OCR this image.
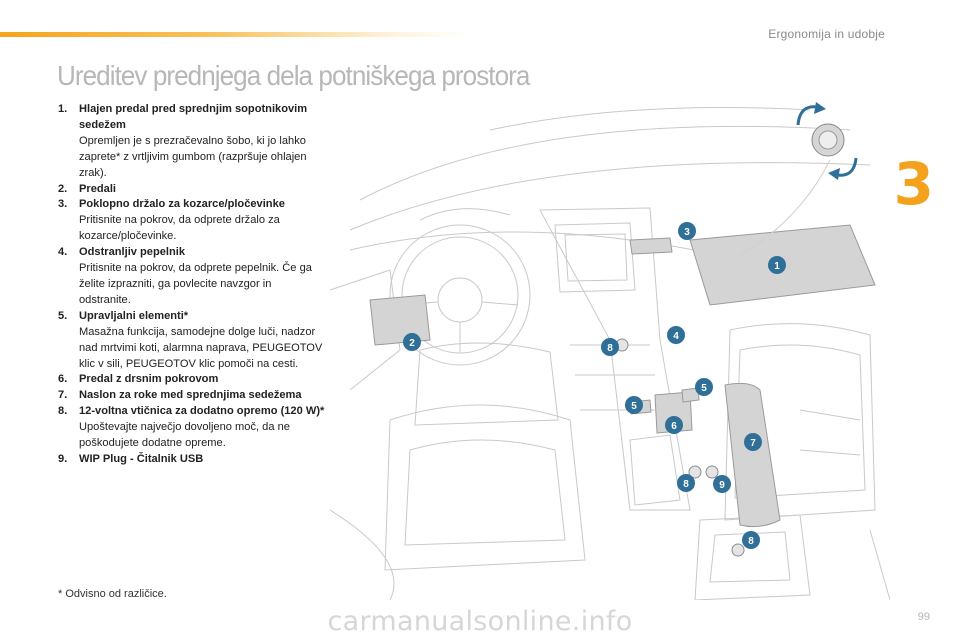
Ergonomija in udobje
3
Ureditev prednjega dela potniškega prostora
1.	Hlajen predal pred sprednjim sopotnikovim sedežem
Opremljen je s prezračevalno šobo, ki jo lahko zaprete* z vrtljivim gumbom (razpršuje ohlajen zrak).
2.	Predali
3.	Poklopno držalo za kozarce/pločevinke
Pritisnite na pokrov, da odprete držalo za kozarce/pločevinke.
4.	Odstranljiv pepelnik
Pritisnite na pokrov, da odprete pepelnik. Če ga želite izprazniti, ga povlecite navzgor in odstranite.
5.	Upravljalni elementi*
Masažna funkcija, samodejne dolge luči, nadzor nad mrtvimi koti, alarmna naprava, PEUGEOTOV klic v sili, PEUGEOTOV klic pomoči na cesti.
6.	Predal z drsnim pokrovom
7.	Naslon za roke med sprednjima sedežema
8.	12-voltna vtičnica za dodatno opremo (120 W)*
Upoštevajte največjo dovoljeno moč, da ne poškodujete dodatne opreme.
9.	WIP Plug - Čitalnik USB
* Odvisno od različice.
1
2
3
4
5
5
6
7
8
8
8
9
99
carmanualsonline.info
